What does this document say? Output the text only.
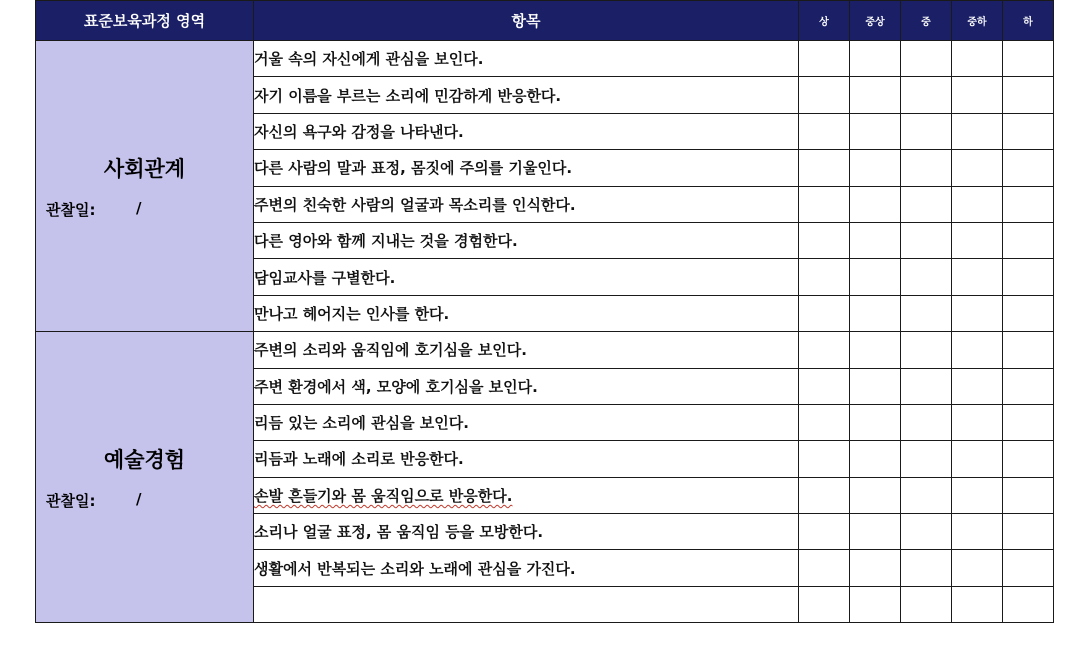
표준보육과정 영역	항목	상	중상	중	중하	하

사회관계
관찰일: /	거울 속의 자신에게 관심을 보인다.					
	자기 이름을 부르는 소리에 민감하게 반응한다.					
	자신의 욕구와 감정을 나타낸다.					
	다른 사람의 말과 표정, 몸짓에 주의를 기울인다.					
	주변의 친숙한 사람의 얼굴과 목소리를 인식한다.					
	다른 영아와 함께 지내는 것을 경험한다.					
	담임교사를 구별한다.					
	만나고 헤어지는 인사를 한다.					

예술경험
관찰일: /	주변의 소리와 움직임에 호기심을 보인다.					
	주변 환경에서 색, 모양에 호기심을 보인다.					
	리듬 있는 소리에 관심을 보인다.					
	리듬과 노래에 소리로 반응한다.					
	손발 흔들기와 몸 움직임으로 반응한다.					
	소리나 얼굴 표정, 몸 움직임 등을 모방한다.					
	생활에서 반복되는 소리와 노래에 관심을 가진다.					
